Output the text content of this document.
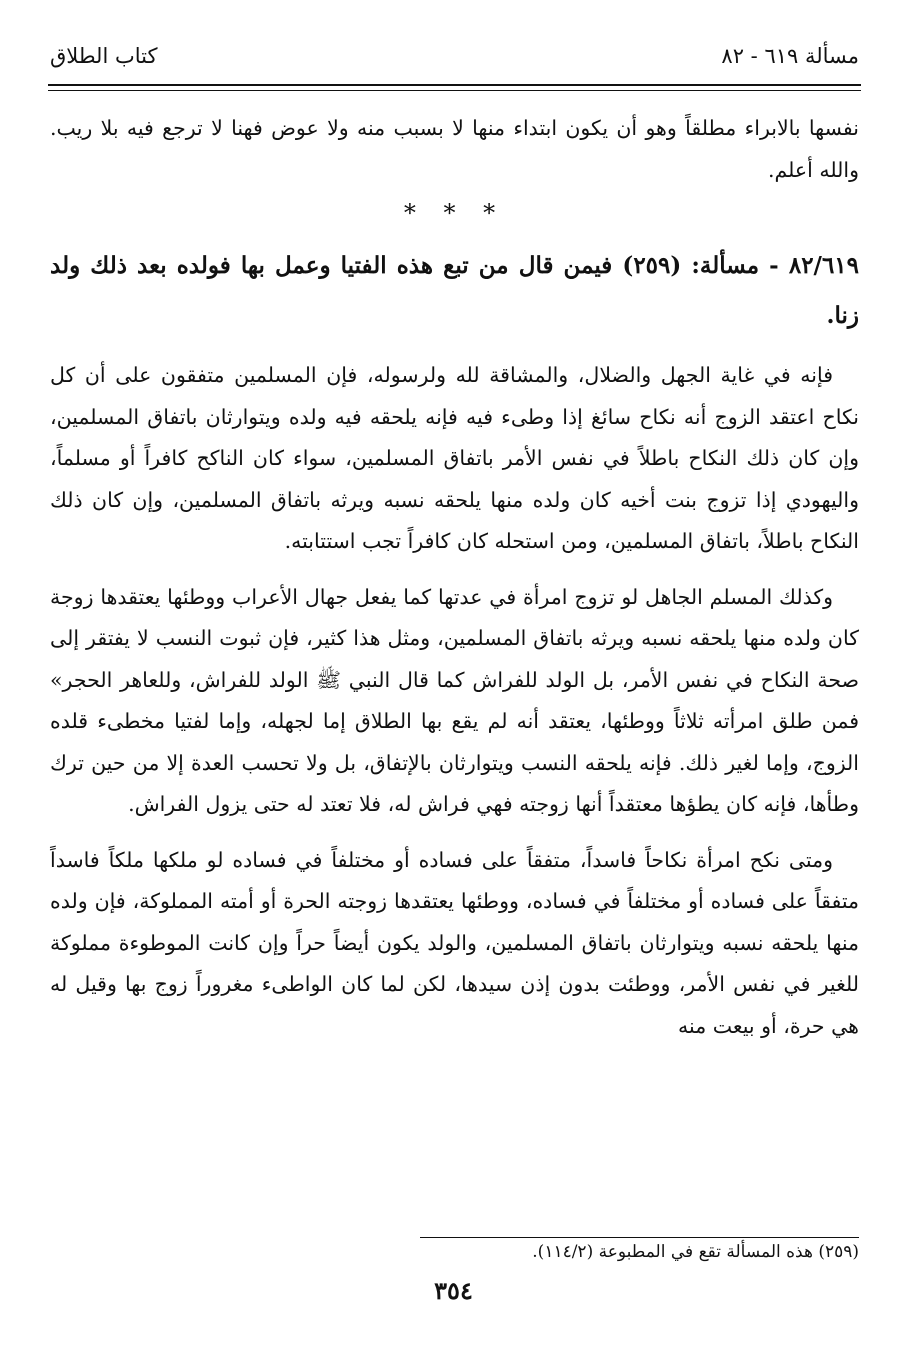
مسألة ٦١٩ - ٨٢
كتاب الطلاق

نفسها بالابراء مطلقاً وهو أن يكون ابتداء منها لا بسبب منه ولا عوض فهنا لا ترجع فيه بلا ريب. والله أعلم.

* * *

٨٢/٦١٩ - مسألة: (٢٥٩) فيمن قال من تبع هذه الفتيا وعمل بها فولده بعد ذلك ولد زنا.

فإنه في غاية الجهل والضلال، والمشاقة لله ولرسوله، فإن المسلمين متفقون على أن كل نكاح اعتقد الزوج أنه نكاح سائغ إذا وطىء فيه فإنه يلحقه فيه ولده ويتوارثان باتفاق المسلمين، وإن كان ذلك النكاح باطلاً في نفس الأمر باتفاق المسلمين، سواء كان الناكح كافراً أو مسلماً، واليهودي إذا تزوج بنت أخيه كان ولده منها يلحقه نسبه ويرثه باتفاق المسلمين، وإن كان ذلك النكاح باطلاً، باتفاق المسلمين، ومن استحله كان كافراً تجب استتابته.

وكذلك المسلم الجاهل لو تزوج امرأة في عدتها كما يفعل جهال الأعراب ووطئها يعتقدها زوجة كان ولده منها يلحقه نسبه ويرثه باتفاق المسلمين، ومثل هذا كثير، فإن ثبوت النسب لا يفتقر إلى صحة النكاح في نفس الأمر، بل الولد للفراش كما قال النبي ﷺ الولد للفراش، وللعاهر الحجر» فمن طلق امرأته ثلاثاً ووطئها، يعتقد أنه لم يقع بها الطلاق إما لجهله، وإما لفتيا مخطىء قلده الزوج، وإما لغير ذلك. فإنه يلحقه النسب ويتوارثان بالإتفاق، بل ولا تحسب العدة إلا من حين ترك وطأها، فإنه كان يطؤها معتقداً أنها زوجته فهي فراش له، فلا تعتد له حتى يزول الفراش.

ومتى نكح امرأة نكاحاً فاسداً، متفقاً على فساده أو مختلفاً في فساده لو ملكها ملكاً فاسداً متفقاً على فساده أو مختلفاً في فساده، ووطئها يعتقدها زوجته الحرة أو أمته المملوكة، فإن ولده منها يلحقه نسبه ويتوارثان باتفاق المسلمين، والولد يكون أيضاً حراً وإن كانت الموطوءة مملوكة للغير في نفس الأمر، ووطئت بدون إذن سيدها، لكن لما كان الواطىء مغروراً زوج بها وقيل له هي حرة، أو بيعت منه

(٢٥٩) هذه المسألة تقع في المطبوعة (١١٤/٢).
٣٥٤
